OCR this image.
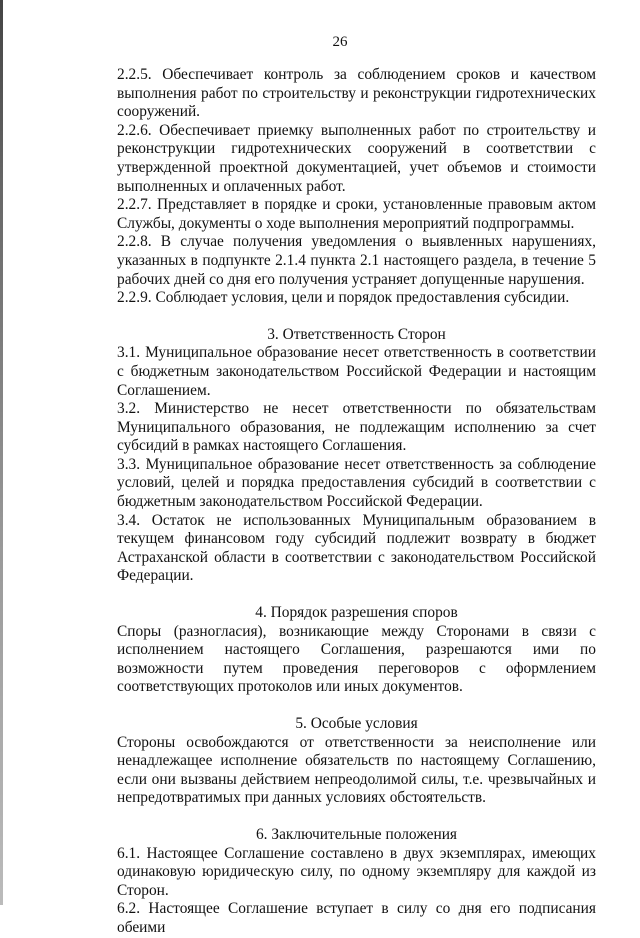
26

2.2.5. Обеспечивает контроль за соблюдением сроков и качеством выполнения работ по строительству и реконструкции гидротехнических сооружений.

2.2.6. Обеспечивает приемку выполненных работ по строительству и реконструкции гидротехнических сооружений в соответствии с утвержденной проектной документацией, учет объемов и стоимости выполненных и оплаченных работ.

2.2.7. Представляет в порядке и сроки, установленные правовым актом Службы, документы о ходе выполнения мероприятий подпрограммы.

2.2.8. В случае получения уведомления о выявленных нарушениях, указанных в подпункте 2.1.4 пункта 2.1 настоящего раздела, в течение 5 рабочих дней со дня его получения устраняет допущенные нарушения.

2.2.9. Соблюдает условия, цели и порядок предоставления субсидии.

3. Ответственность Сторон

3.1. Муниципальное образование несет ответственность в соответствии с бюджетным законодательством Российской Федерации и настоящим Соглашением.

3.2. Министерство не несет ответственности по обязательствам Муниципального образования, не подлежащим исполнению за счет субсидий в рамках настоящего Соглашения.

3.3. Муниципальное образование несет ответственность за соблюдение условий, целей и порядка предоставления субсидий в соответствии с бюджетным законодательством Российской Федерации.

3.4. Остаток не использованных Муниципальным образованием в текущем финансовом году субсидий подлежит возврату в бюджет Астраханской области в соответствии с законодательством Российской Федерации.

4. Порядок разрешения споров

Споры (разногласия), возникающие между Сторонами в связи с исполнением настоящего Соглашения, разрешаются ими по возможности путем проведения переговоров с оформлением соответствующих протоколов или иных документов.

5. Особые условия

Стороны освобождаются от ответственности за неисполнение или ненадлежащее исполнение обязательств по настоящему Соглашению, если они вызваны действием непреодолимой силы, т.е. чрезвычайных и непредотвратимых при данных условиях обстоятельств.

6. Заключительные положения

6.1. Настоящее Соглашение составлено в двух экземплярах, имеющих одинаковую юридическую силу, по одному экземпляру для каждой из Сторон.

6.2. Настоящее Соглашение вступает в силу со дня его подписания обеими
